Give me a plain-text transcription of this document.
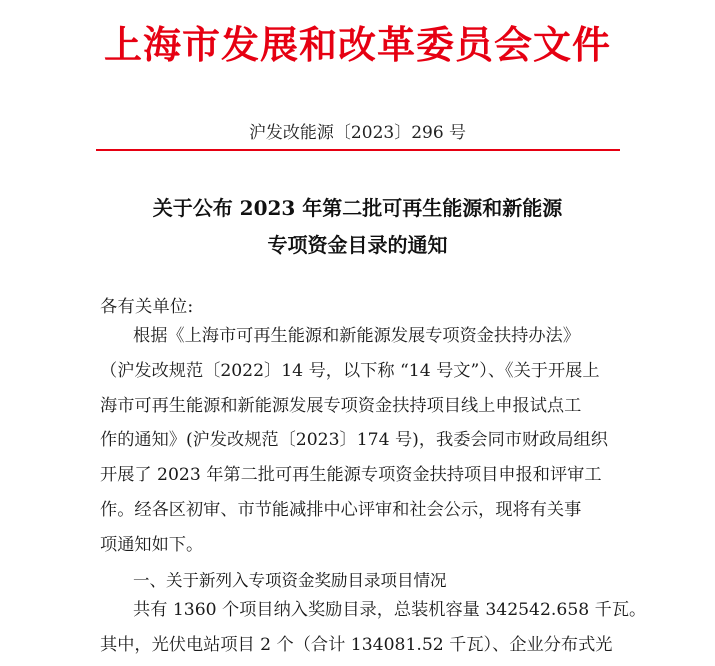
上海市发展和改革委员会文件
沪发改能源〔2023〕296 号
关于公布 2023 年第二批可再生能源和新能源
专项资金目录的通知
各有关单位:
根据《上海市可再生能源和新能源发展专项资金扶持办法》
（沪发改规范〔2022〕14 号，以下称 “14 号文”）、《关于开展上
海市可再生能源和新能源发展专项资金扶持项目线上申报试点工
作的通知》(沪发改规范〔2023〕174 号)，我委会同市财政局组织
开展了 2023 年第二批可再生能源专项资金扶持项目申报和评审工
作。经各区初审、市节能减排中心评审和社会公示，现将有关事
项通知如下。
一、关于新列入专项资金奖励目录项目情况
共有 1360 个项目纳入奖励目录，总装机容量 342542.658 千瓦。
其中，光伏电站项目 2 个（合计 134081.52 千瓦）、企业分布式光
